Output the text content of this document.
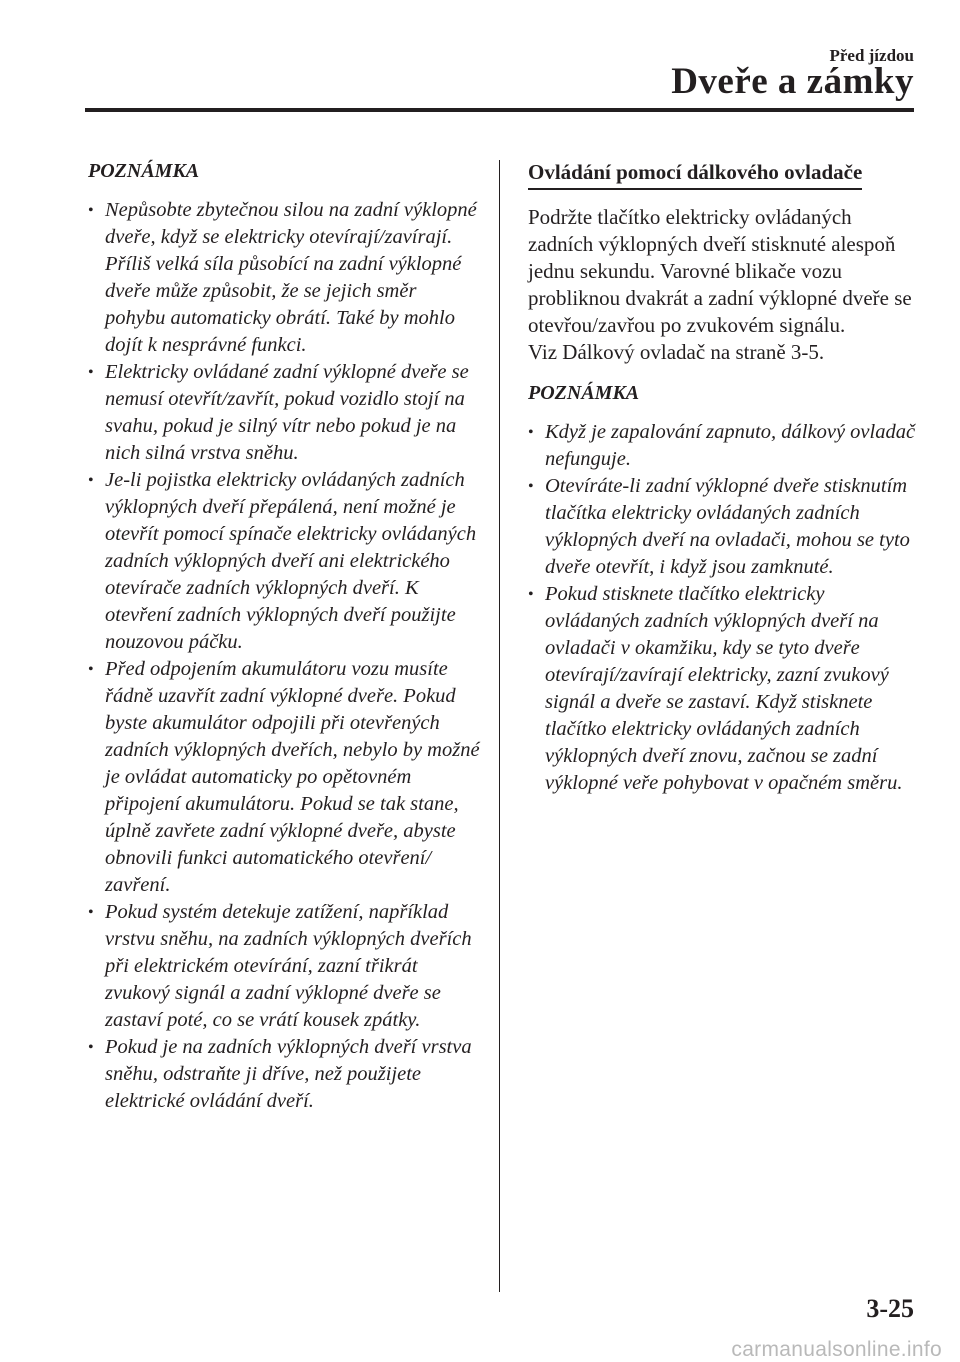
Před jízdou
Dveře a zámky
POZNÁMKA
• Nepůsobte zbytečnou silou na zadní výklopné dveře, když se elektricky otevírají/zavírají. Příliš velká síla působící na zadní výklopné dveře může způsobit, že se jejich směr pohybu automaticky obrátí. Také by mohlo dojít k nesprávné funkci.
• Elektricky ovládané zadní výklopné dveře se nemusí otevřít/zavřít, pokud vozidlo stojí na svahu, pokud je silný vítr nebo pokud je na nich silná vrstva sněhu.
• Je-li pojistka elektricky ovládaných zadních výklopných dveří přepálená, není možné je otevřít pomocí spínače elektricky ovládaných zadních výklopných dveří ani elektrického otevírače zadních výklopných dveří. K otevření zadních výklopných dveří použijte nouzovou páčku.
• Před odpojením akumulátoru vozu musíte řádně uzavřít zadní výklopné dveře. Pokud byste akumulátor odpojili při otevřených zadních výklopných dveřích, nebylo by možné je ovládat automaticky po opětovném připojení akumulátoru. Pokud se tak stane, úplně zavřete zadní výklopné dveře, abyste obnovili funkci automatického otevření/ zavření.
• Pokud systém detekuje zatížení, například vrstvu sněhu, na zadních výklopných dveřích při elektrickém otevírání, zazní třikrát zvukový signál a zadní výklopné dveře se zastaví poté, co se vrátí kousek zpátky.
• Pokud je na zadních výklopných dveří vrstva sněhu, odstraňte ji dříve, než použijete elektrické ovládání dveří.
Ovládání pomocí dálkového ovladače
Podržte tlačítko elektricky ovládaných zadních výklopných dveří stisknuté alespoň jednu sekundu. Varovné blikače vozu probliknou dvakrát a zadní výklopné dveře se otevřou/zavřou po zvukovém signálu.
Viz Dálkový ovladač na straně 3-5.
POZNÁMKA
• Když je zapalování zapnuto, dálkový ovladač nefunguje.
• Otevíráte-li zadní výklopné dveře stisknutím tlačítka elektricky ovládaných zadních výklopných dveří na ovladači, mohou se tyto dveře otevřít, i když jsou zamknuté.
• Pokud stisknete tlačítko elektricky ovládaných zadních výklopných dveří na ovladači v okamžiku, kdy se tyto dveře otevírají/zavírají elektricky, zazní zvukový signál a dveře se zastaví. Když stisknete tlačítko elektricky ovládaných zadních výklopných dveří znovu, začnou se zadní výklopné veře pohybovat v opačném směru.
3-25
carmanualsonline.info
